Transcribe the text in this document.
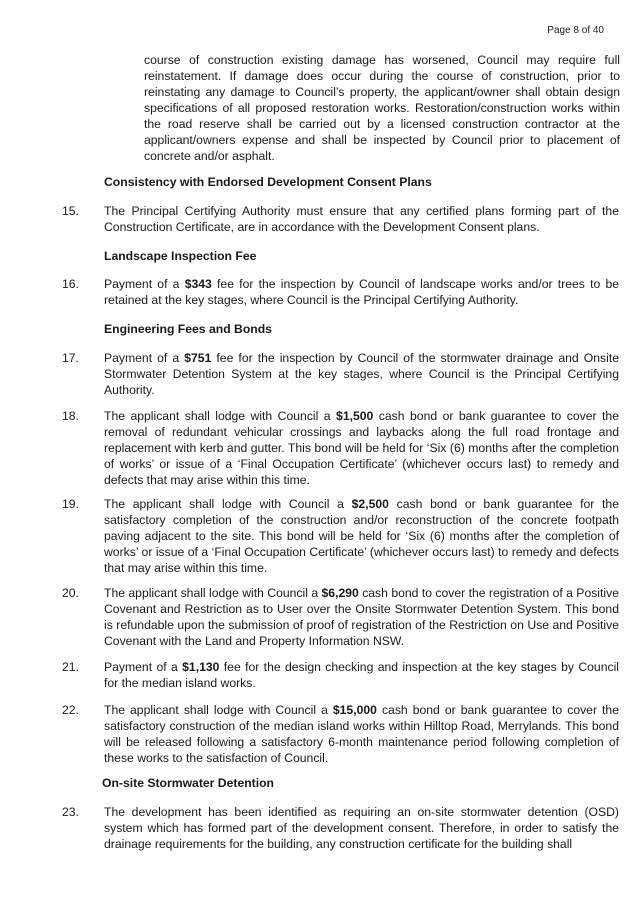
Page 8 of 40

course of construction existing damage has worsened, Council may require full reinstatement. If damage does occur during the course of construction, prior to reinstating any damage to Council’s property, the applicant/owner shall obtain design specifications of all proposed restoration works. Restoration/construction works within the road reserve shall be carried out by a licensed construction contractor at the applicant/owners expense and shall be inspected by Council prior to placement of concrete and/or asphalt.

Consistency with Endorsed Development Consent Plans

15. The Principal Certifying Authority must ensure that any certified plans forming part of the Construction Certificate, are in accordance with the Development Consent plans.

Landscape Inspection Fee

16. Payment of a $343 fee for the inspection by Council of landscape works and/or trees to be retained at the key stages, where Council is the Principal Certifying Authority.

Engineering Fees and Bonds

17. Payment of a $751 fee for the inspection by Council of the stormwater drainage and Onsite Stormwater Detention System at the key stages, where Council is the Principal Certifying Authority.

18. The applicant shall lodge with Council a $1,500 cash bond or bank guarantee to cover the removal of redundant vehicular crossings and laybacks along the full road frontage and replacement with kerb and gutter. This bond will be held for ‘Six (6) months after the completion of works’ or issue of a ‘Final Occupation Certificate’ (whichever occurs last) to remedy and defects that may arise within this time.

19. The applicant shall lodge with Council a $2,500 cash bond or bank guarantee for the satisfactory completion of the construction and/or reconstruction of the concrete footpath paving adjacent to the site. This bond will be held for ‘Six (6) months after the completion of works’ or issue of a ‘Final Occupation Certificate’ (whichever occurs last) to remedy and defects that may arise within this time.

20. The applicant shall lodge with Council a $6,290 cash bond to cover the registration of a Positive Covenant and Restriction as to User over the Onsite Stormwater Detention System. This bond is refundable upon the submission of proof of registration of the Restriction on Use and Positive Covenant with the Land and Property Information NSW.

21. Payment of a $1,130 fee for the design checking and inspection at the key stages by Council for the median island works.

22. The applicant shall lodge with Council a $15,000 cash bond or bank guarantee to cover the satisfactory construction of the median island works within Hilltop Road, Merrylands. This bond will be released following a satisfactory 6-month maintenance period following completion of these works to the satisfaction of Council.

On-site Stormwater Detention

23. The development has been identified as requiring an on-site stormwater detention (OSD) system which has formed part of the development consent. Therefore, in order to satisfy the drainage requirements for the building, any construction certificate for the building shall
